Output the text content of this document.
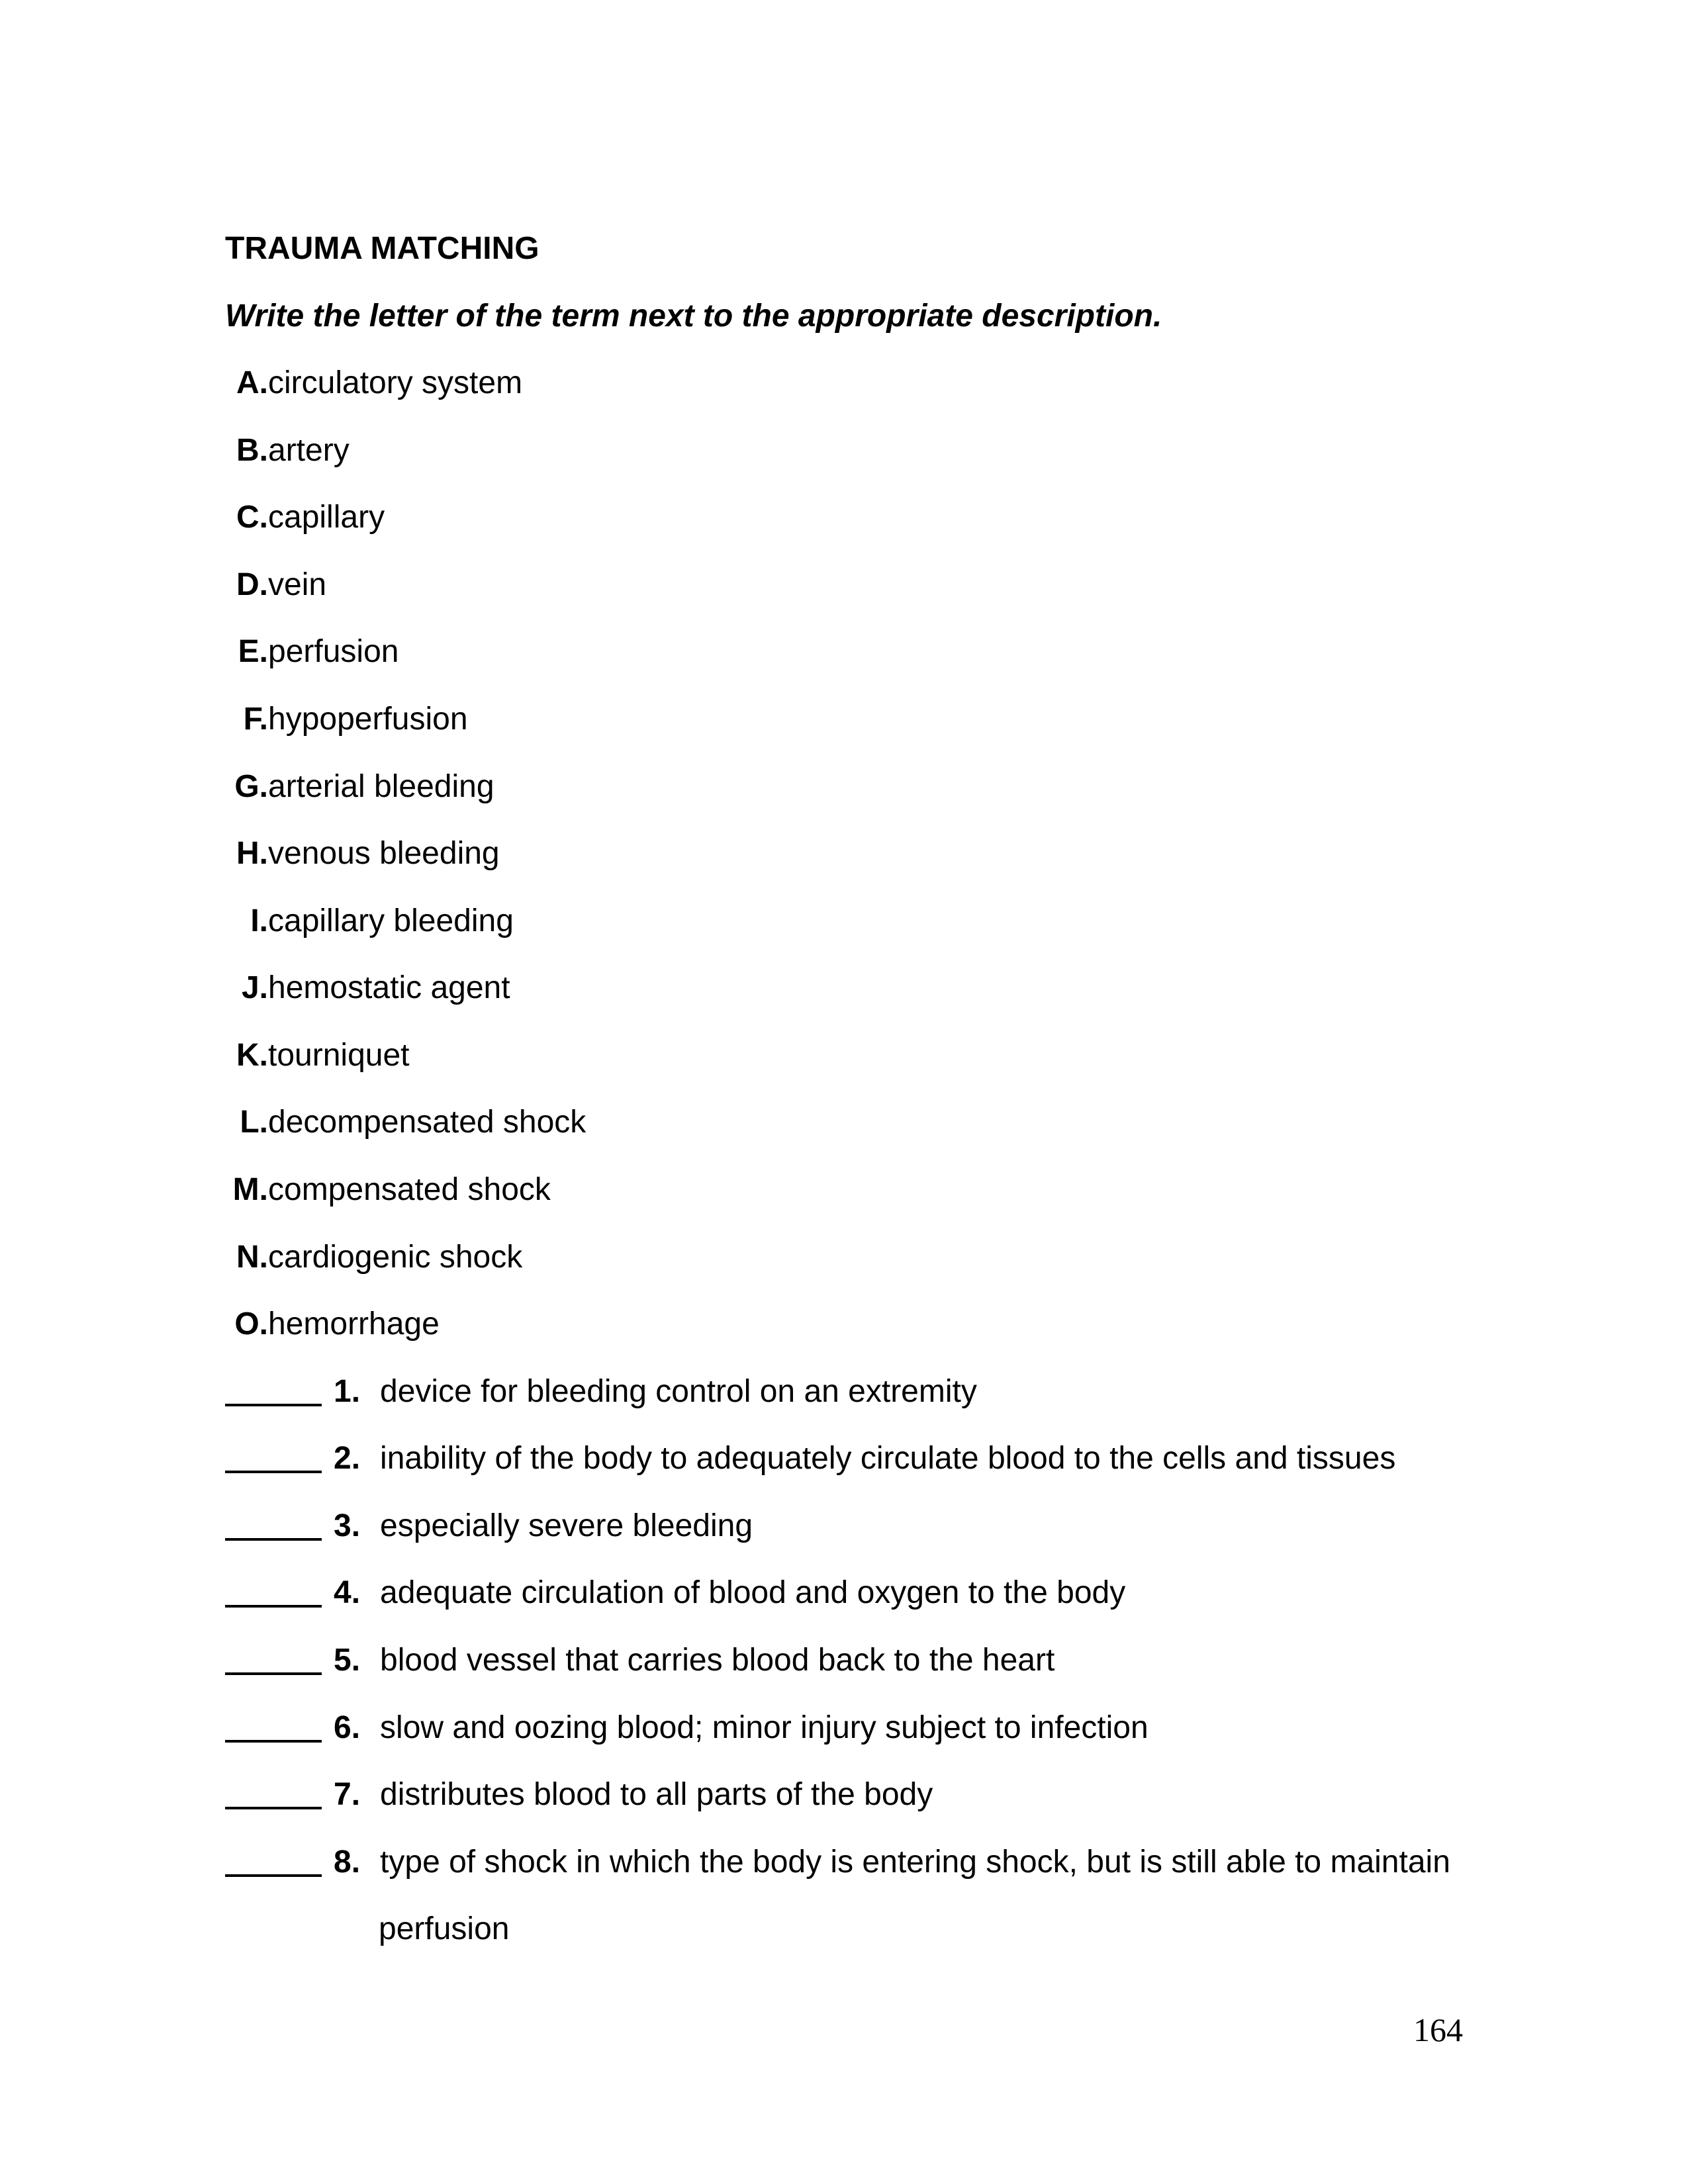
TRAUMA MATCHING
Write the letter of the term next to the appropriate description.
A.circulatory system
B.artery
C.capillary
D.vein
E.perfusion
F.hypoperfusion
G.arterial bleeding
H.venous bleeding
I.capillary bleeding
J.hemostatic agent
K.tourniquet
L.decompensated shock
M.compensated shock
N.cardiogenic shock
O.hemorrhage
1. device for bleeding control on an extremity
2. inability of the body to adequately circulate blood to the cells and tissues
3. especially severe bleeding
4. adequate circulation of blood and oxygen to the body
5. blood vessel that carries blood back to the heart
6. slow and oozing blood; minor injury subject to infection
7. distributes blood to all parts of the body
8. type of shock in which the body is entering shock, but is still able to maintain
perfusion
164
